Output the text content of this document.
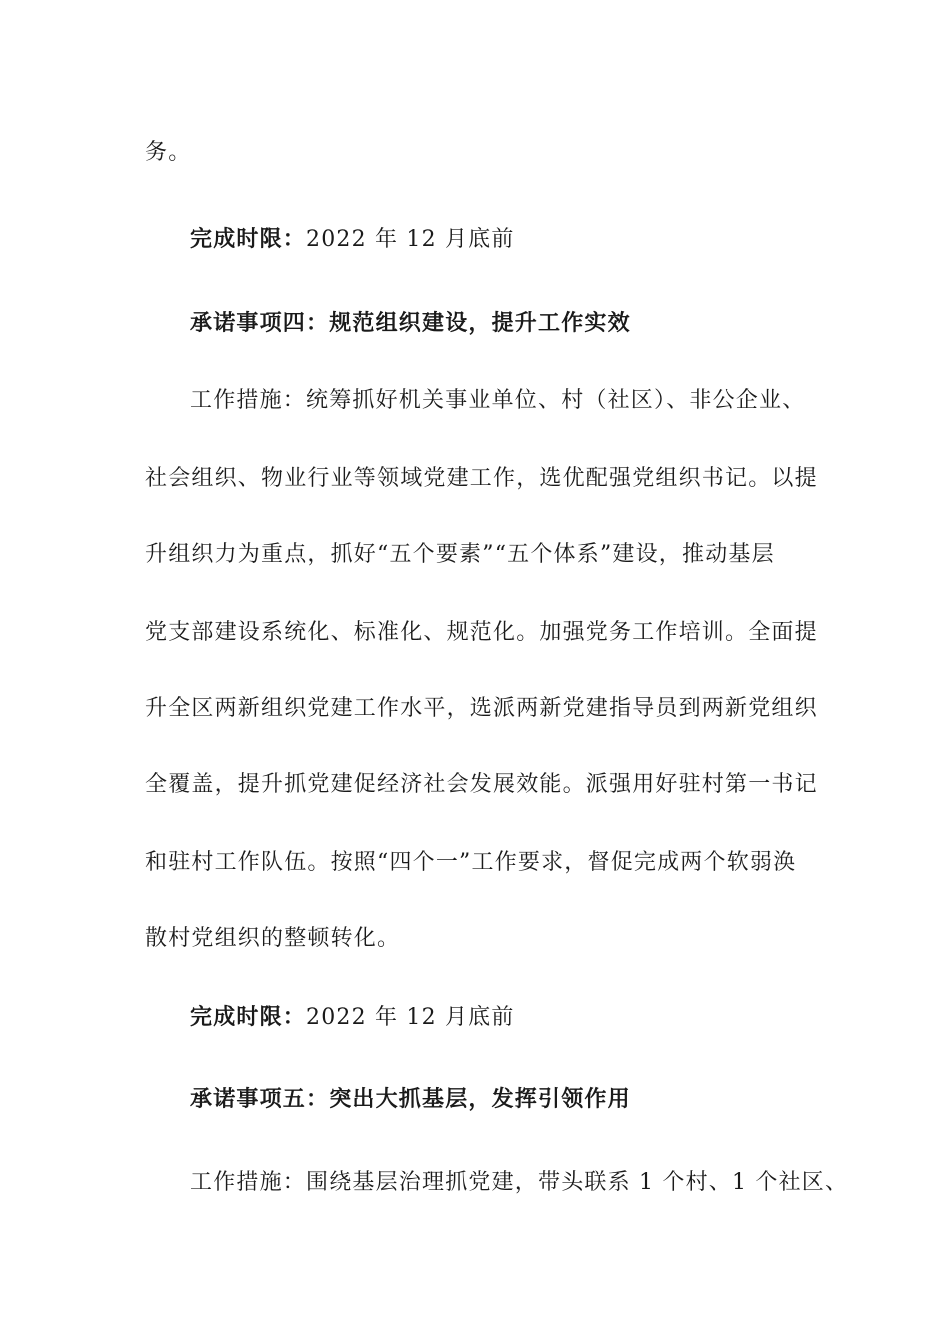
务。
完成时限：2022 年 12 月底前
承诺事项四：规范组织建设，提升工作实效
工作措施：统筹抓好机关事业单位、村（社区）、非公企业、
社会组织、物业行业等领域党建工作，选优配强党组织书记。以提
升组织力为重点，抓好“五个要素”“五个体系”建设，推动基层
党支部建设系统化、标准化、规范化。加强党务工作培训。全面提
升全区两新组织党建工作水平，选派两新党建指导员到两新党组织
全覆盖，提升抓党建促经济社会发展效能。派强用好驻村第一书记
和驻村工作队伍。按照“四个一”工作要求，督促完成两个软弱涣
散村党组织的整顿转化。
完成时限：2022 年 12 月底前
承诺事项五：突出大抓基层，发挥引领作用
工作措施：围绕基层治理抓党建，带头联系 1 个村、1 个社区、
